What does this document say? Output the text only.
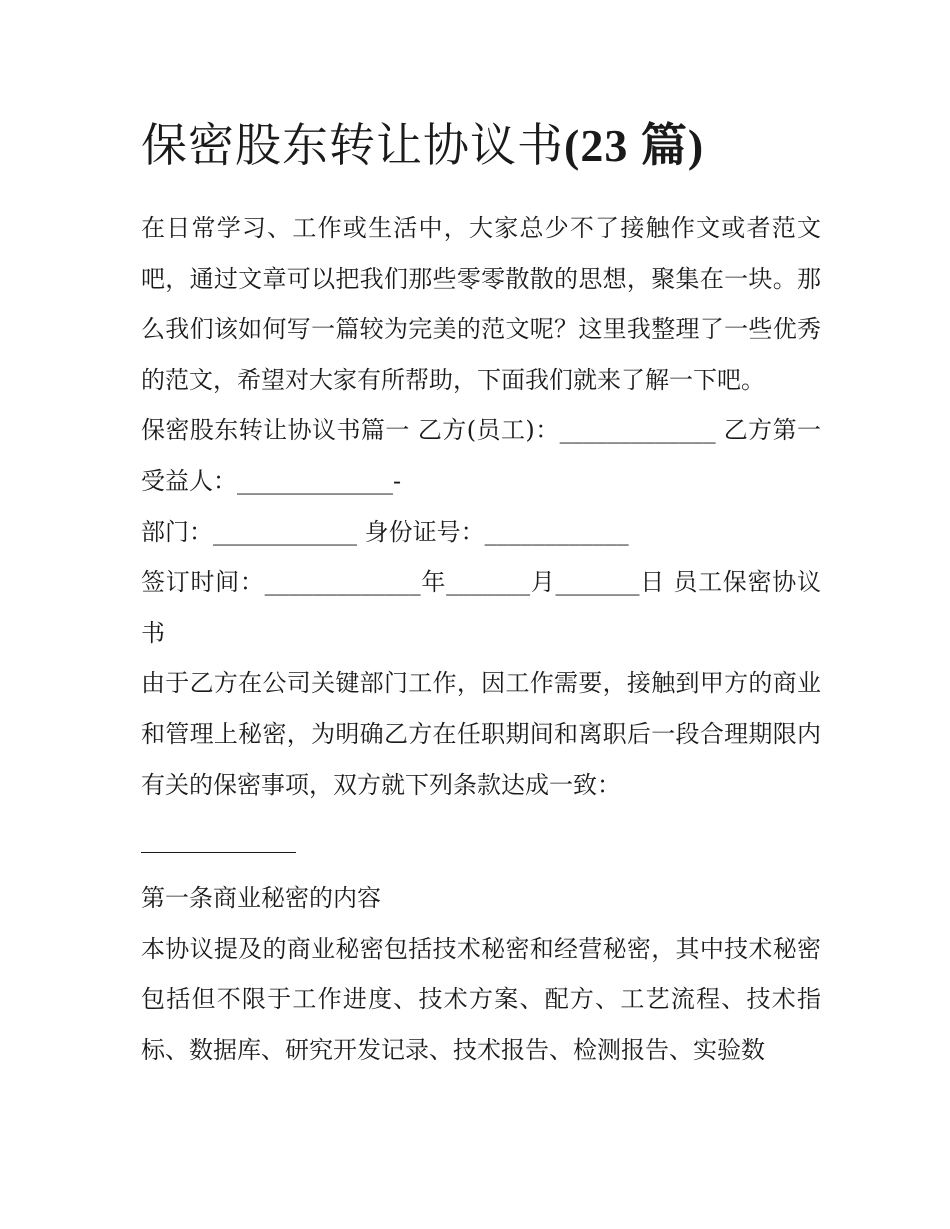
保密股东转让协议书(23 篇)

在日常学习、工作或生活中，大家总少不了接触作文或者范文吧，通过文章可以把我们那些零零散散的思想，聚集在一块。那么我们该如何写一篇较为完美的范文呢？这里我整理了一些优秀的范文，希望对大家有所帮助，下面我们就来了解一下吧。

保密股东转让协议书篇一 乙方(员工)：_____________ 乙方第一受益人：_____________-

部门：____________ 身份证号：____________

签订时间：_____________年_______月_______日 员工保密协议书

由于乙方在公司关键部门工作，因工作需要，接触到甲方的商业和管理上秘密，为明确乙方在任职期间和离职后一段合理期限内有关的保密事项，双方就下列条款达成一致：

第一条商业秘密的内容

本协议提及的商业秘密包括技术秘密和经营秘密，其中技术秘密包括但不限于工作进度、技术方案、配方、工艺流程、技术指标、数据库、研究开发记录、技术报告、检测报告、实验数
